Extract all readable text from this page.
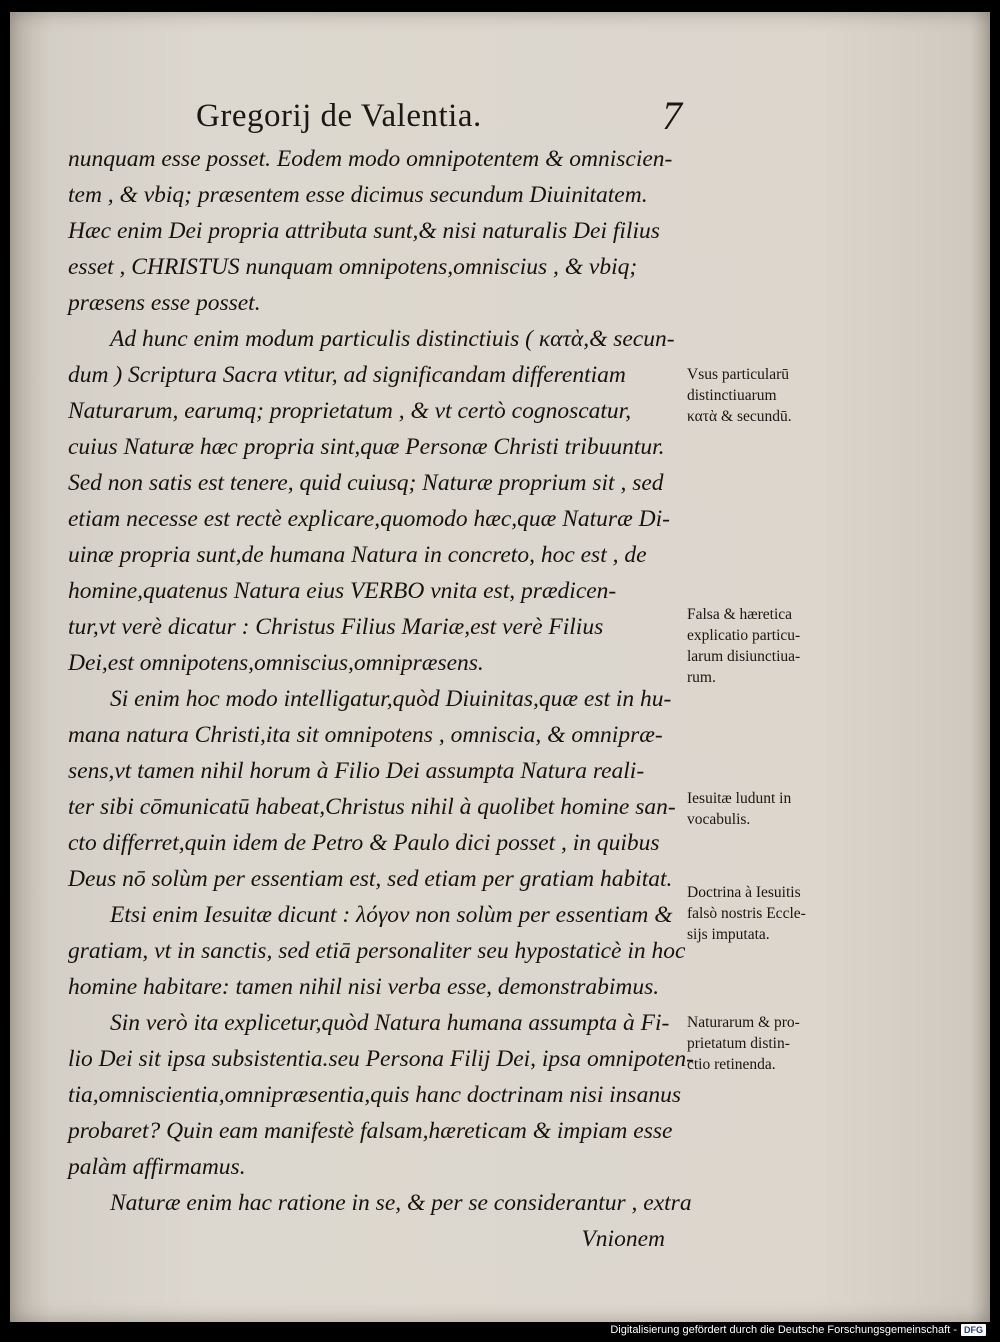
Gregorij de Valentia.	7
nunquam esse posset. Eodem modo omnipotentem & omniscien-
tem , & vbiq; præsentem esse dicimus secundum Diuinitatem.
Hæc enim Dei propria attributa sunt,& nisi naturalis Dei filius
esset , CHRISTUS nunquam omnipotens,omniscius , & vbiq;
præsens esse posset.
Ad hunc enim modum particulis distinctiuis ( κατὰ,& secun-
dum ) Scriptura Sacra vtitur, ad significandam differentiam
Naturarum, earumq; proprietatum , & vt certò cognoscatur,
cuius Naturæ hæc propria sint,quæ Personæ Christi tribuuntur.
Sed non satis est tenere, quid cuiusq; Naturæ proprium sit , sed
etiam necesse est rectè explicare,quomodo hæc,quæ Naturæ Di-
uinæ propria sunt,de humana Natura in concreto, hoc est , de
homine,quatenus Natura eius VERBO vnita est, prædicen-
tur,vt verè dicatur : Christus Filius Mariæ,est verè Filius
Dei,est omnipotens,omniscius,omnipræsens.
Si enim hoc modo intelligatur,quòd Diuinitas,quæ est in hu-
mana natura Christi,ita sit omnipotens , omniscia, & omnipræ-
sens,vt tamen nihil horum à Filio Dei assumpta Natura reali-
ter sibi cōmunicatū habeat,Christus nihil à quolibet homine san-
cto differret,quin idem de Petro & Paulo dici posset , in quibus
Deus nō solùm per essentiam est, sed etiam per gratiam habitat.
Etsi enim Iesuitæ dicunt : λόγον non solùm per essentiam &
gratiam, vt in sanctis, sed etiā personaliter seu hypostaticè in hoc
homine habitare: tamen nihil nisi verba esse, demonstrabimus.
Sin verò ita explicetur,quòd Natura humana assumpta à Fi-
lio Dei sit ipsa subsistentia.seu Persona Filij Dei, ipsa omnipoten-
tia,omniscientia,omnipræsentia,quis hanc doctrinam nisi insanus
probaret? Quin eam manifestè falsam,hæreticam & impiam esse
palàm affirmamus.
Naturæ enim hac ratione in se, & per se considerantur , extra
Vnionem
Vsus particularū
distinctiuarum
κατὰ & secundū.
Falsa & hæretica
explicatio particu-
larum disiunctiua-
rum.
Iesuitæ ludunt in
vocabulis.
Doctrina à Iesuitis
falsò nostris Eccle-
sijs imputata.
Naturarum & pro-
prietatum distin-
ctio retinenda.
Digitalisierung gefördert durch die Deutsche Forschungsgemeinschaft - DFG
